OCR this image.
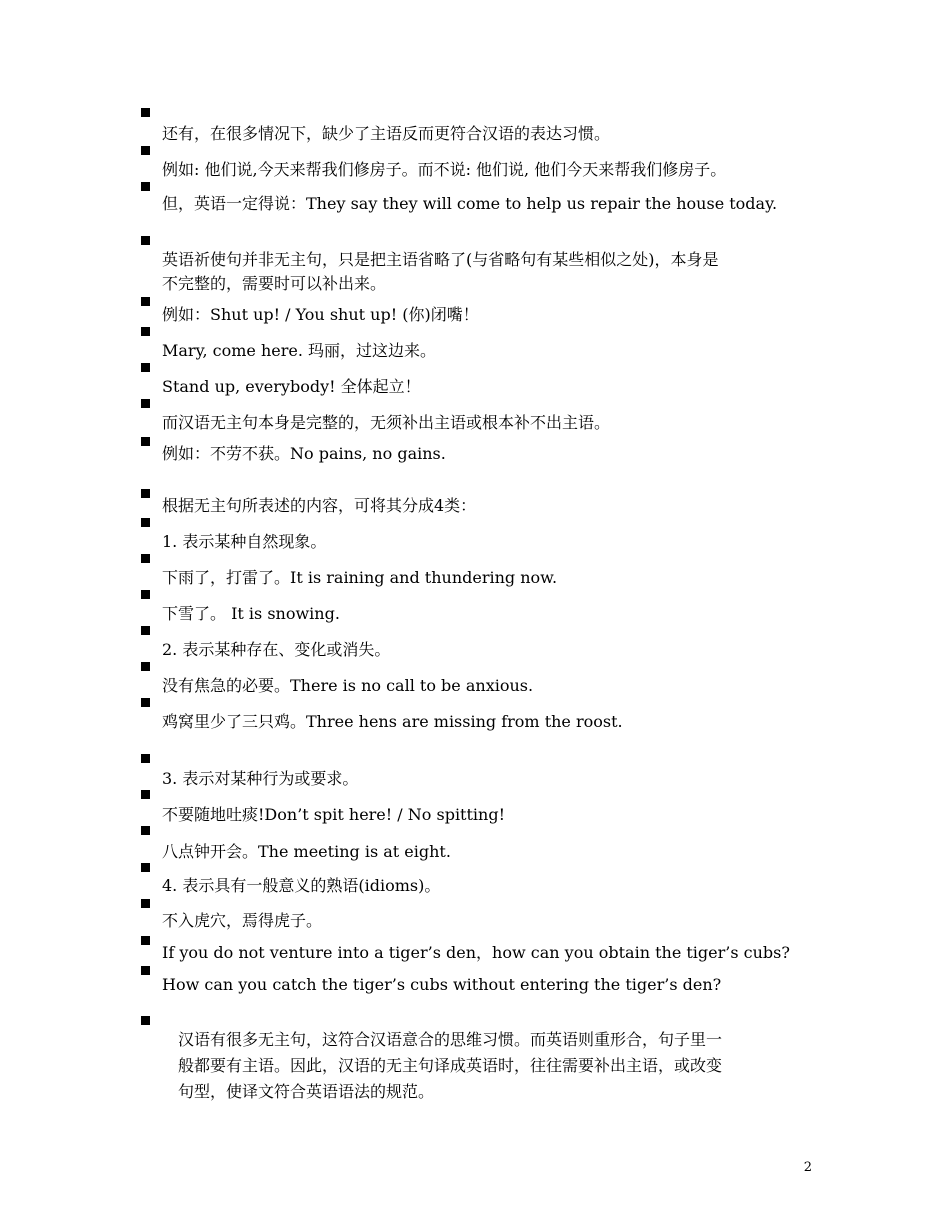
还有，在很多情况下，缺少了主语反而更符合汉语的表达习惯。
例如: 他们说,今天来帮我们修房子。而不说: 他们说, 他们今天来帮我们修房子。
但，英语一定得说：They say they will come to help us repair the house today.
英语祈使句并非无主句，只是把主语省略了(与省略句有某些相似之处)，本身是
不完整的，需要时可以补出来。
例如：Shut up! / You shut up! (你)闭嘴！
Mary, come here. 玛丽，过这边来。
Stand up, everybody! 全体起立！
而汉语无主句本身是完整的，无须补出主语或根本补不出主语。
例如：不劳不获。No pains, no gains.
根据无主句所表述的内容，可将其分成4类：
1. 表示某种自然现象。
下雨了，打雷了。It is raining and thundering now.
下雪了。 It is snowing.
2. 表示某种存在、变化或消失。
没有焦急的必要。There is no call to be anxious.
鸡窝里少了三只鸡。Three hens are missing from the roost.
3. 表示对某种行为或要求。
不要随地吐痰!Don’t spit here! / No spitting!
八点钟开会。The meeting is at eight.
4. 表示具有一般意义的熟语(idioms)。
不入虎穴，焉得虎子。
If you do not venture into a tiger’s den，how can you obtain the tiger’s cubs?
How can you catch the tiger’s cubs without entering the tiger’s den?
汉语有很多无主句，这符合汉语意合的思维习惯。而英语则重形合，句子里一
般都要有主语。因此，汉语的无主句译成英语时，往往需要补出主语，或改变
句型，使译文符合英语语法的规范。
2
